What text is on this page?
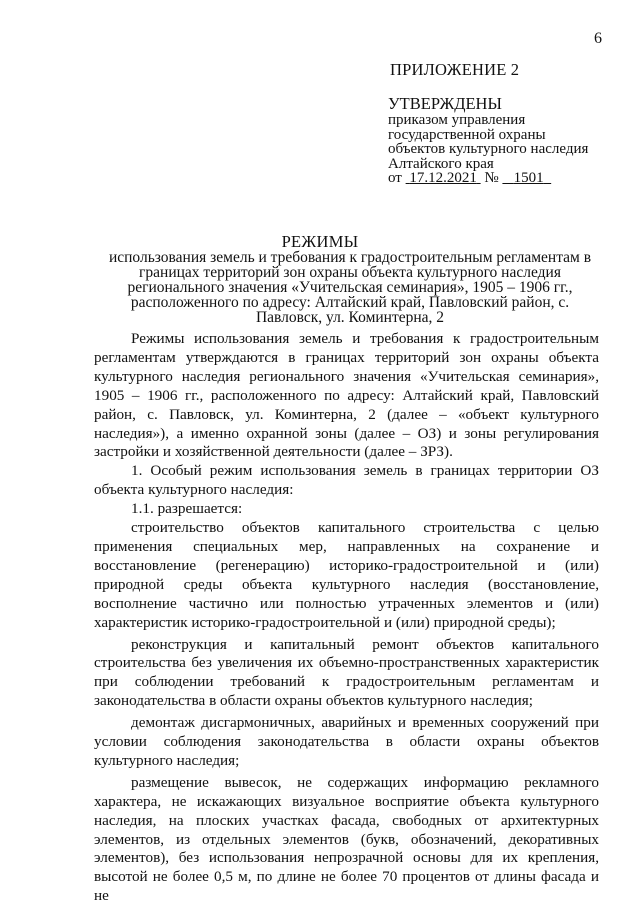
6
ПРИЛОЖЕНИЕ 2
УТВЕРЖДЕНЫ
приказом управления
государственной охраны
объектов культурного наследия
Алтайского края
от  17.12.2021  №    1501
РЕЖИМЫ
использования земель и требования к градостроительным регламентам в границах территорий зон охраны объекта культурного наследия регионального значения «Учительская семинария», 1905 – 1906 гг., расположенного по адресу: Алтайский край, Павловский район, с. Павловск, ул. Коминтерна, 2

Режимы использования земель и требования к градостроительным регламентам утверждаются в границах территорий зон охраны объекта культурного наследия регионального значения «Учительская семинария», 1905 – 1906 гг., расположенного по адресу: Алтайский край, Павловский район, с. Павловск, ул. Коминтерна, 2 (далее – «объект культурного наследия»), а именно охранной зоны (далее – ОЗ) и зоны регулирования застройки и хозяйственной деятельности (далее – ЗРЗ).

1. Особый режим использования земель в границах территории ОЗ объекта культурного наследия:

1.1. разрешается:

строительство объектов капитального строительства с целью применения специальных мер, направленных на сохранение и восстановление (регенерацию) историко-градостроительной и (или) природной среды объекта культурного наследия (восстановление, восполнение частично или полностью утраченных элементов и (или) характеристик историко-градостроительной и (или) природной среды);

реконструкция и капитальный ремонт объектов капитального строительства без увеличения их объемно-пространственных характеристик при соблюдении требований к градостроительным регламентам и законодательства в области охраны объектов культурного наследия;

демонтаж дисгармоничных, аварийных и временных сооружений при условии соблюдения законодательства в области охраны объектов культурного наследия;

размещение вывесок, не содержащих информацию рекламного характера, не искажающих визуальное восприятие объекта культурного наследия, на плоских участках фасада, свободных от архитектурных элементов, из отдельных элементов (букв, обозначений, декоративных элементов), без использования непрозрачной основы для их крепления, высотой не более 0,5 м, по длине не более 70 процентов от длины фасада и не
